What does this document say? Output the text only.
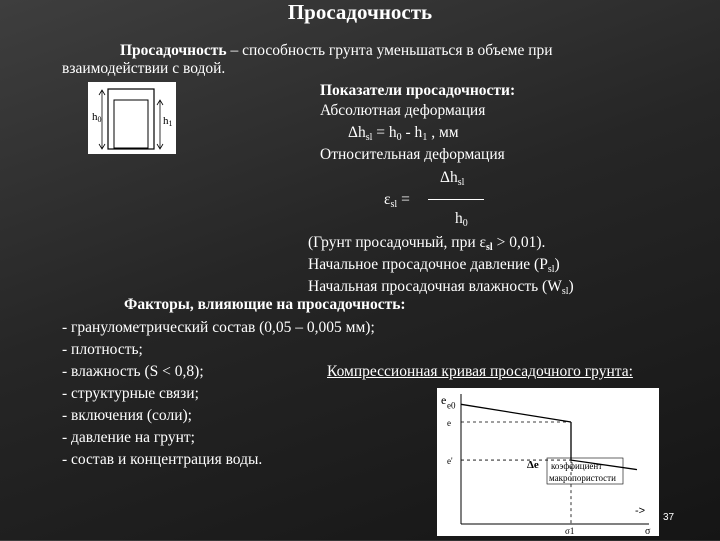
Просадочность
Просадочность – способность грунта уменьшаться в объеме при
взаимодействии с водой.
h0	h1
Показатели просадочности:
Абсолютная деформация
$\Delta h_{sl} = h_0 - h_1$ , мм
Относительная деформация
$\Delta h_{sl}$
$\varepsilon_{sl}$ =
$h_0$
(Грунт просадочный, при $\varepsilon_{sl} > 0,01$).
Начальное просадочное давление $(P_{sl})$
Начальная просадочная влажность $(W_{sl})$
Факторы, влияющие на просадочность:
- гранулометрический состав (0,05 – 0,005 мм);
- плотность;
- влажность (S < 0,8);
- структурные связи;
- включения (соли);
- давление на грунт;
- состав и концентрация воды.
Компрессионная кривая просадочного грунта:
e
σ
e0
e
e'
σ1
Δe коэффициент
макропористости
->
37
